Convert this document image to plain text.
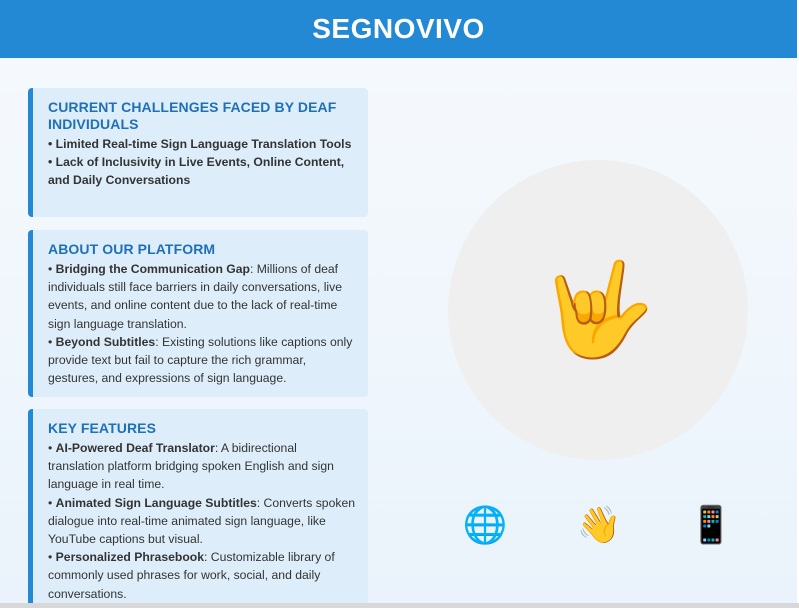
SEGNOVIVO
CURRENT CHALLENGES FACED BY DEAF INDIVIDUALS
• Limited Real-time Sign Language Translation Tools
• Lack of Inclusivity in Live Events, Online Content, and Daily Conversations
ABOUT OUR PLATFORM
• Bridging the Communication Gap: Millions of deaf individuals still face barriers in daily conversations, live events, and online content due to the lack of real-time sign language translation.
• Beyond Subtitles: Existing solutions like captions only provide text but fail to capture the rich grammar, gestures, and expressions of sign language.
KEY FEATURES
• AI-Powered Deaf Translator: A bidirectional translation platform bridging spoken English and sign language in real time.
• Animated Sign Language Subtitles: Converts spoken dialogue into real-time animated sign language, like YouTube captions but visual.
• Personalized Phrasebook: Customizable library of commonly used phrases for work, social, and daily conversations.
🤟
🌐 👋 📱
